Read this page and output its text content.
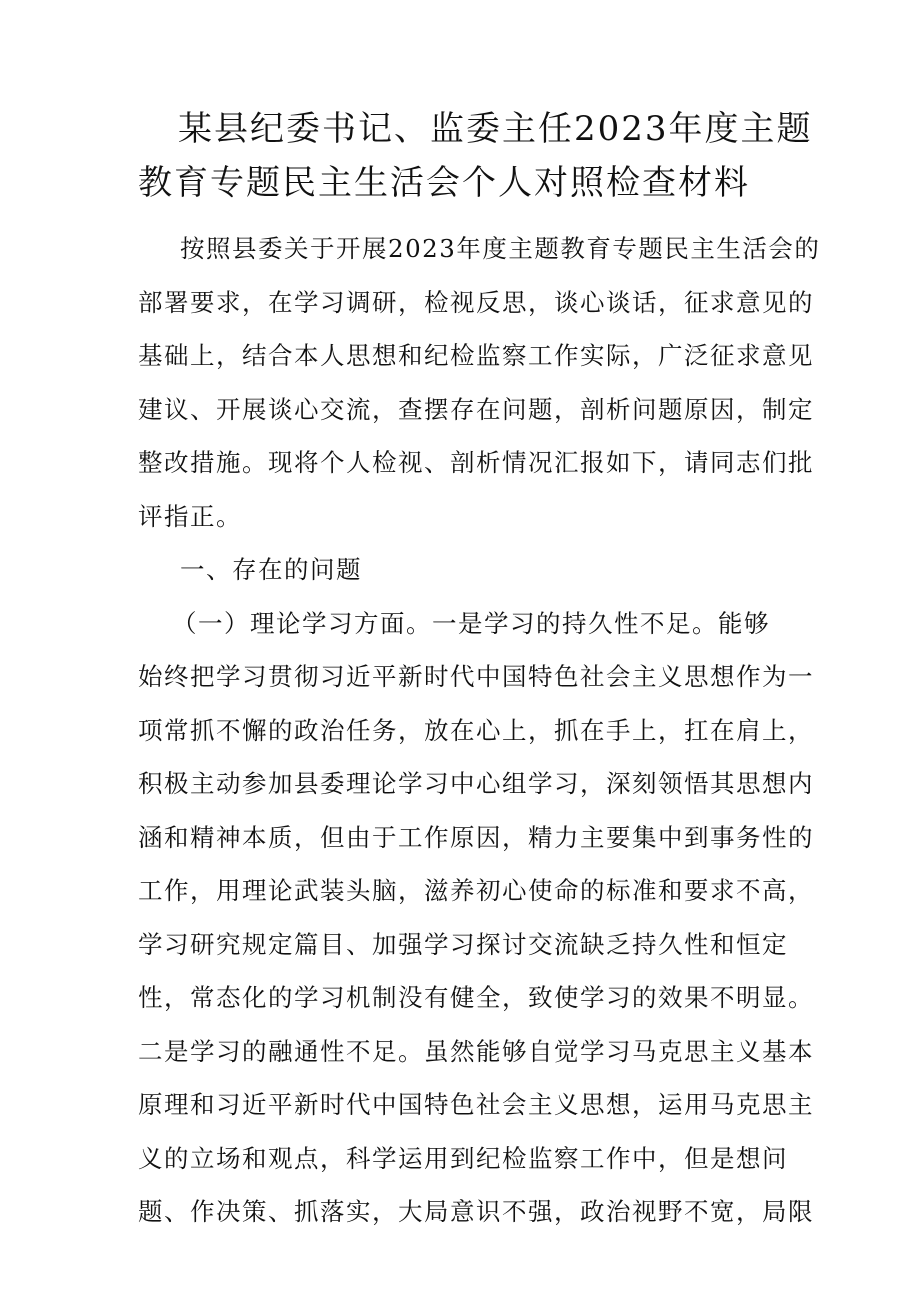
某县纪委书记、监委主任2023年度主题
教育专题民主生活会个人对照检查材料
按照县委关于开展2023年度主题教育专题民主生活会的
部署要求，在学习调研，检视反思，谈心谈话，征求意见的
基础上，结合本人思想和纪检监察工作实际，广泛征求意见
建议、开展谈心交流，查摆存在问题，剖析问题原因，制定
整改措施。现将个人检视、剖析情况汇报如下，请同志们批
评指正。
一、存在的问题
（一）理论学习方面。一是学习的持久性不足。能够
始终把学习贯彻习近平新时代中国特色社会主义思想作为一
项常抓不懈的政治任务，放在心上，抓在手上，扛在肩上，
积极主动参加县委理论学习中心组学习，深刻领悟其思想内
涵和精神本质，但由于工作原因，精力主要集中到事务性的
工作，用理论武装头脑，滋养初心使命的标准和要求不高，
学习研究规定篇目、加强学习探讨交流缺乏持久性和恒定
性，常态化的学习机制没有健全，致使学习的效果不明显。
二是学习的融通性不足。虽然能够自觉学习马克思主义基本
原理和习近平新时代中国特色社会主义思想，运用马克思主
义的立场和观点，科学运用到纪检监察工作中，但是想问
题、作决策、抓落实，大局意识不强，政治视野不宽，局限
